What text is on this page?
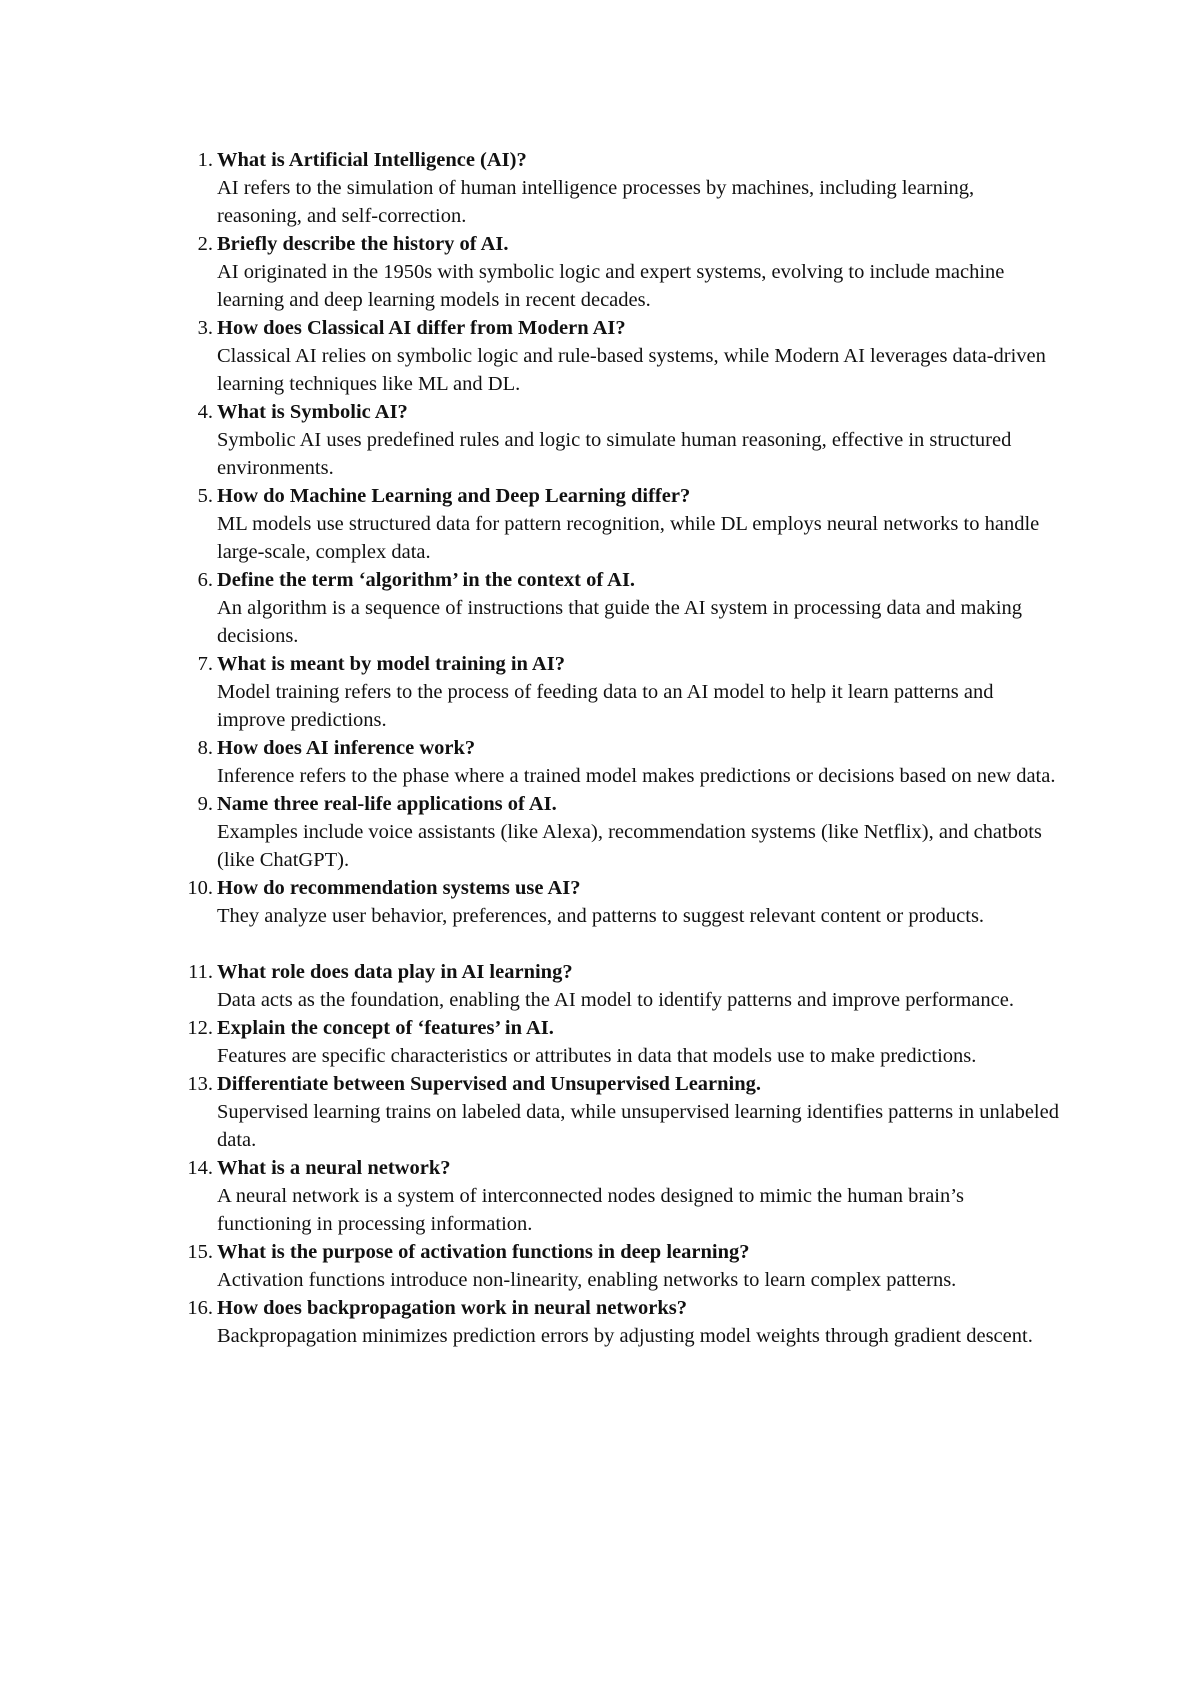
1. What is Artificial Intelligence (AI)?
AI refers to the simulation of human intelligence processes by machines, including learning, reasoning, and self-correction.
2. Briefly describe the history of AI.
AI originated in the 1950s with symbolic logic and expert systems, evolving to include machine learning and deep learning models in recent decades.
3. How does Classical AI differ from Modern AI?
Classical AI relies on symbolic logic and rule-based systems, while Modern AI leverages data-driven learning techniques like ML and DL.
4. What is Symbolic AI?
Symbolic AI uses predefined rules and logic to simulate human reasoning, effective in structured environments.
5. How do Machine Learning and Deep Learning differ?
ML models use structured data for pattern recognition, while DL employs neural networks to handle large-scale, complex data.
6. Define the term ‘algorithm’ in the context of AI.
An algorithm is a sequence of instructions that guide the AI system in processing data and making decisions.
7. What is meant by model training in AI?
Model training refers to the process of feeding data to an AI model to help it learn patterns and improve predictions.
8. How does AI inference work?
Inference refers to the phase where a trained model makes predictions or decisions based on new data.
9. Name three real-life applications of AI.
Examples include voice assistants (like Alexa), recommendation systems (like Netflix), and chatbots (like ChatGPT).
10. How do recommendation systems use AI?
They analyze user behavior, preferences, and patterns to suggest relevant content or products.
11. What role does data play in AI learning?
Data acts as the foundation, enabling the AI model to identify patterns and improve performance.
12. Explain the concept of ‘features’ in AI.
Features are specific characteristics or attributes in data that models use to make predictions.
13. Differentiate between Supervised and Unsupervised Learning.
Supervised learning trains on labeled data, while unsupervised learning identifies patterns in unlabeled data.
14. What is a neural network?
A neural network is a system of interconnected nodes designed to mimic the human brain’s functioning in processing information.
15. What is the purpose of activation functions in deep learning?
Activation functions introduce non-linearity, enabling networks to learn complex patterns.
16. How does backpropagation work in neural networks?
Backpropagation minimizes prediction errors by adjusting model weights through gradient descent.
